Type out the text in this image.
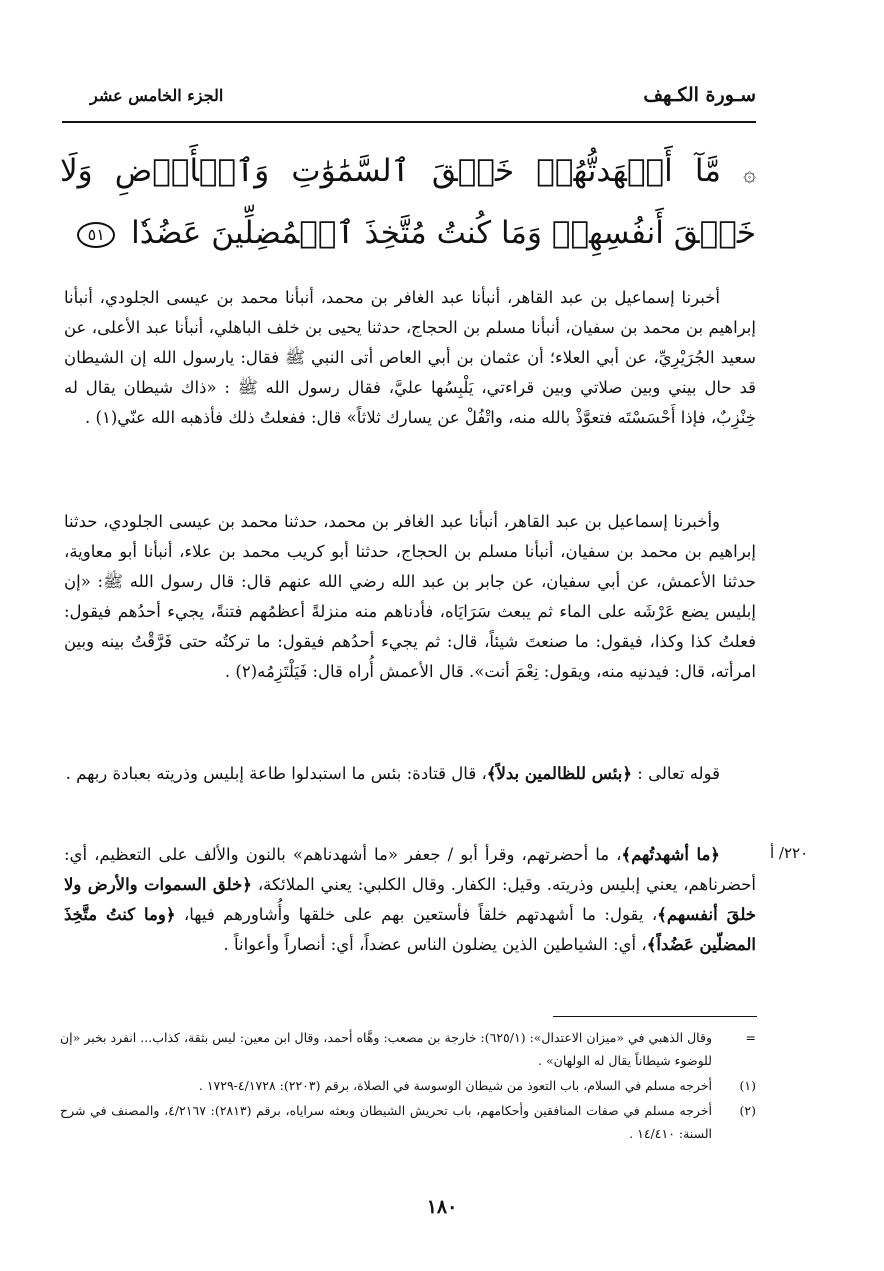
سـورة الكـهف
الجزء الخامس عشر
۞ مَّآ أَشۡهَدتُّهُمۡ خَلۡقَ ٱلسَّمَٰوَٰتِ وَٱلۡأَرۡضِ وَلَا خَلۡقَ أَنفُسِهِمۡ وَمَا كُنتُ مُتَّخِذَ ٱلۡمُضِلِّينَ عَضُدٗا ٥١

أخبرنا إسماعيل بن عبد القاهر، أنبأنا عبد الغافر بن محمد، أنبأنا محمد بن عيسى الجلودي، أنبأنا إبراهيم بن محمد بن سفيان، أنبأنا مسلم بن الحجاج، حدثنا يحيى بن خلف الباهلي، أنبأنا عبد الأعلى، عن سعيد الجُرَيْرِيِّ، عن أبي العلاء؛ أن عثمان بن أبي العاص أتى النبي ﷺ فقال: يارسول الله إن الشيطان قد حال بيني وبين صلاتي وبين قراءتي، يَلْبِسُها عليَّ، فقال رسول الله ﷺ : «ذاك شيطان يقال له خِنْزِبٌ، فإذا أَحْسَسْتَه فتعوَّذْ بالله منه، واتْفُلْ عن يسارك ثلاثاً» قال: ففعلتُ ذلك فأذهبه الله عنّي(١) .

وأخبرنا إسماعيل بن عبد القاهر، أنبأنا عبد الغافر بن محمد، حدثنا محمد بن عيسى الجلودي، حدثنا إبراهيم بن محمد بن سفيان، أنبأنا مسلم بن الحجاج، حدثنا أبو كريب محمد بن علاء، أنبأنا أبو معاوية، حدثنا الأعمش، عن أبي سفيان، عن جابر بن عبد الله رضي الله عنهم قال: قال رسول الله ﷺ: «إن إبليس يضع عَرْشَه على الماء ثم يبعث سَرَايَاه، فأدناهم منه منزلةً أعظمُهم فتنةً، يجيء أحدُهم فيقول: فعلتُ كذا وكذا، فيقول: ما صنعتَ شيئاً، قال: ثم يجيء أحدُهم فيقول: ما تركتُه حتى فَرَّقْتُ بينه وبين امرأته، قال: فيدنيه منه، ويقول: نِعْمَ أنت». قال الأعمش أُراه قال: فَيَلْتَزِمُه(٢) .

قوله تعالى : ﴿بئس للظالمين بدلاً﴾، قال قتادة: بئس ما استبدلوا طاعة إبليس وذريته بعبادة ربهم .

٢٢٠/ أ

﴿ما أشهدتُهم﴾، ما أحضرتهم، وقرأ أبو / جعفر «ما أشهدناهم» بالنون والألف على التعظيم، أي: أحضرناهم، يعني إبليس وذريته. وقيل: الكفار. وقال الكلبي: يعني الملائكة، ﴿خلق السموات والأرض ولا خلقَ أنفسهم﴾، يقول: ما أشهدتهم خلقاً فأستعين بهم على خلقها وأُشاورهم فيها، ﴿وما كنتُ متَّخِذَ المضلّين عَضُداً﴾، أي: الشياطين الذين يضلون الناس عضداً، أي: أنصاراً وأعواناً .

=
وقال الذهبي في «ميزان الاعتدال»: (٦٢٥/١): خارجة بن مصعب: وهَّاه أحمد، وقال ابن معين: ليس بثقة، كذاب... انفرد بخبر «إن للوضوء شيطاناً يقال له الولهان» .
(١)
أخرجه مسلم في السلام، باب التعوذ من شيطان الوسوسة في الصلاة، برقم (٢٢٠٣): ٤/١٧٢٨-١٧٢٩ .
(٢)
أخرجه مسلم في صفات المنافقين وأحكامهم، باب تحريش الشيطان وبعثه سراياه، برقم (٢٨١٣): ٤/٢١٦٧، والمصنف في شرح السنة: ١٤/٤١٠ .
١٨٠
